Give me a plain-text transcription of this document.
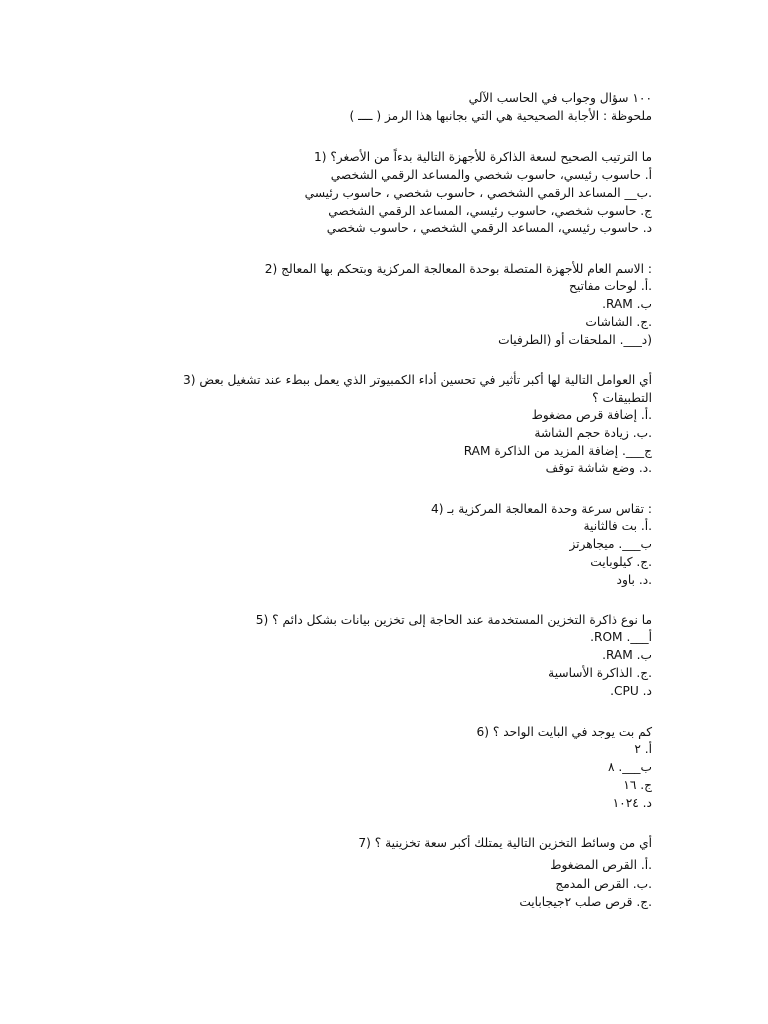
١٠٠ سؤال وجواب في الحاسب الآلي

ملحوظة : الأجابة الصحيحية هي التي بجانبها هذا الرمز ( ــــ )

ما الترتيب الصحيح لسعة الذاكرة للأجهزة التالية بدءاً من الأصغر؟ (1

أ. حاسوب رئيسي، حاسوب شخصي والمساعد الرقمي الشخصي

.ب__ المساعد الرقمي الشخصي ، حاسوب شخصي ، حاسوب رئيسي

ج. حاسوب شخصي، حاسوب رئيسي، المساعد الرقمي الشخصي

د. حاسوب رئيسي، المساعد الرقمي الشخصي ، حاسوب شخصي

: الاسم العام للأجهزة المتصلة بوحدة المعالجة المركزية وبتحكم بها المعالج (2

.أ. لوحات مفاتيح

ب. RAM.

.ج. الشاشات

(د___. الملحقات أو (الطرفيات

أي العوامل التالية لها أكبر تأثير في تحسين أداء الكمبيوتر الذي يعمل ببطء عند تشغيل بعض (3

التطبيقات ؟

.أ. إضافة قرص مضغوط

.ب. زيادة حجم الشاشة

ج___. إضافة المزيد من الذاكرة RAM

.د. وضع شاشة توقف

: تقاس سرعة وحدة المعالجة المركزية بـ (4

.أ. بت فالثانية

ب___. ميجاهرتز

.ج. كيلوبايت

.د. باود

ما نوع ذاكرة التخزين المستخدمة عند الحاجة إلى تخزين بيانات بشكل دائم ؟ (5

أ___. ROM.

ب. RAM.

.ج. الذاكرة الأساسية

د. CPU.

كم بت يوجد في البايت الواحد ؟ (6

أ. ٢

ب___. ٨

ج. ١٦

د. ١٠٢٤

أي من وسائط التخزين التالية يمتلك أكبر سعة تخزينية ؟ (7

.أ. القرص المضغوط

.ب. القرص المدمج

.ج. قرص صلب ٢جيجابايت
